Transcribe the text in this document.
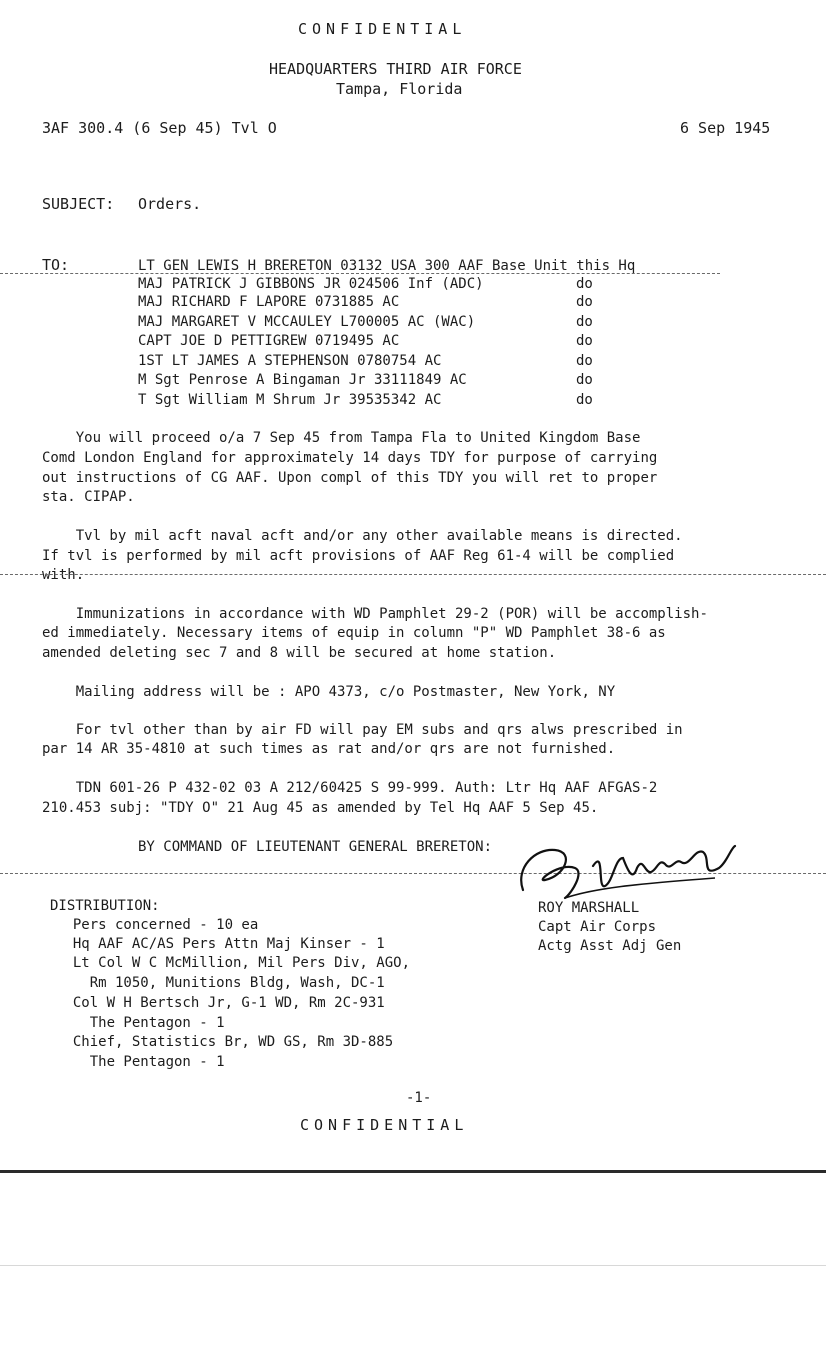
CONFIDENTIAL
HEADQUARTERS THIRD AIR FORCE
Tampa, Florida
3AF 300.4 (6 Sep 45) Tvl O	6 Sep 1945
SUBJECT: Orders.
TO:	LT GEN LEWIS H BRERETON 03132 USA 300 AAF Base Unit this Hq
MAJ PATRICK J GIBBONS JR 024506 Inf (ADC)	do
MAJ RICHARD F LAPORE 0731885 AC	do
MAJ MARGARET V MCCAULEY L700005 AC (WAC)	do
CAPT JOE D PETTIGREW 0719495 AC	do
1ST LT JAMES A STEPHENSON 0780754 AC	do
M Sgt Penrose A Bingaman Jr 33111849 AC	do
T Sgt William M Shrum Jr 39535342 AC	do
You will proceed o/a 7 Sep 45 from Tampa Fla to United Kingdom Base
Comd London England for approximately 14 days TDY for purpose of carrying
out instructions of CG AAF. Upon compl of this TDY you will ret to proper
sta. CIPAP.
Tvl by mil acft naval acft and/or any other available means is directed.
If tvl is performed by mil acft provisions of AAF Reg 61-4 will be complied
with.
Immunizations in accordance with WD Pamphlet 29-2 (POR) will be accomplish-
ed immediately. Necessary items of equip in column "P" WD Pamphlet 38-6 as
amended deleting sec 7 and 8 will be secured at home station.
Mailing address will be : APO 4373, c/o Postmaster, New York, NY
For tvl other than by air FD will pay EM subs and qrs alws prescribed in
par 14 AR 35-4810 at such times as rat and/or qrs are not furnished.
TDN 601-26 P 432-02 03 A 212/60425 S 99-999. Auth: Ltr Hq AAF AFGAS-2
210.453 subj: "TDY O" 21 Aug 45 as amended by Tel Hq AAF 5 Sep 45.
BY COMMAND OF LIEUTENANT GENERAL BRERETON:
ROY MARSHALL
Capt Air Corps
Actg Asst Adj Gen
DISTRIBUTION:
Pers concerned - 10 ea
Hq AAF AC/AS Pers Attn Maj Kinser - 1
Lt Col W C McMillion, Mil Pers Div, AGO,
Rm 1050, Munitions Bldg, Wash, DC-1
Col W H Bertsch Jr, G-1 WD, Rm 2C-931
The Pentagon - 1
Chief, Statistics Br, WD GS, Rm 3D-885
The Pentagon - 1
-1-
CONFIDENTIAL
